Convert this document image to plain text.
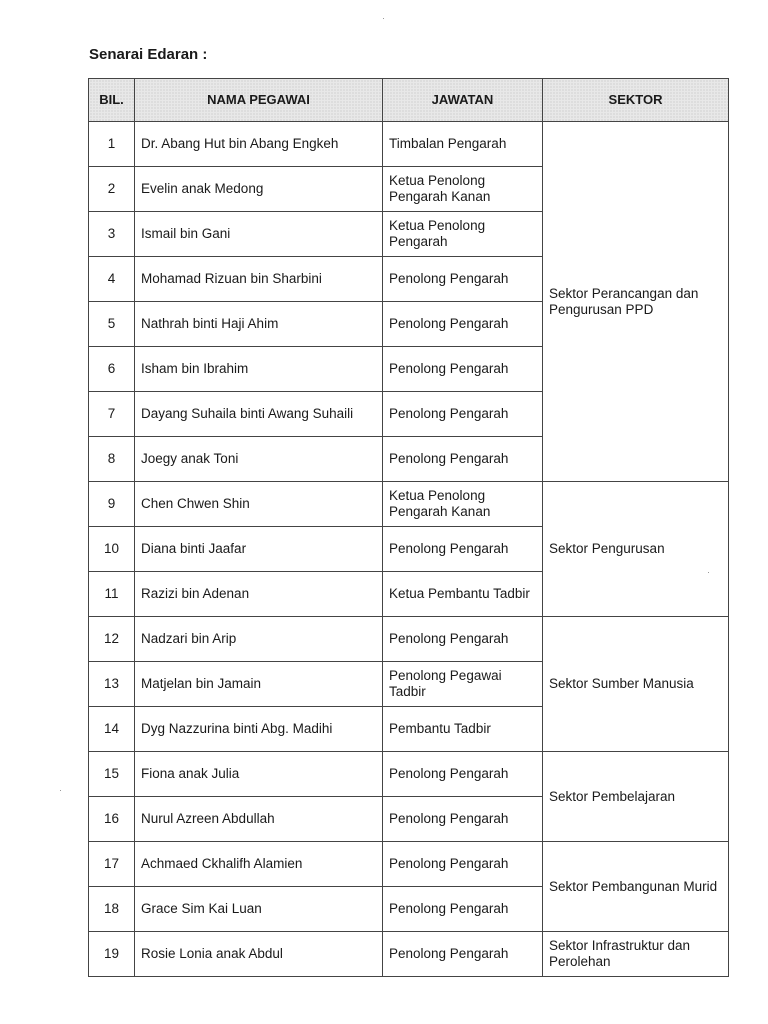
Senarai Edaran :
BIL.	NAMA PEGAWAI	JAWATAN	SEKTOR
1	Dr. Abang Hut bin Abang Engkeh	Timbalan Pengarah	Sektor Perancangan dan Pengurusan PPD
2	Evelin anak Medong	Ketua Penolong Pengarah Kanan	
3	Ismail bin Gani	Ketua Penolong Pengarah	
4	Mohamad Rizuan bin Sharbini	Penolong Pengarah	
5	Nathrah binti Haji Ahim	Penolong Pengarah	
6	Isham bin Ibrahim	Penolong Pengarah	
7	Dayang Suhaila binti Awang Suhaili	Penolong Pengarah	
8	Joegy anak Toni	Penolong Pengarah	
9	Chen Chwen Shin	Ketua Penolong Pengarah Kanan	Sektor Pengurusan
10	Diana binti Jaafar	Penolong Pengarah	
11	Razizi bin Adenan	Ketua Pembantu Tadbir	
12	Nadzari bin Arip	Penolong Pengarah	Sektor Sumber Manusia
13	Matjelan bin Jamain	Penolong Pegawai Tadbir	
14	Dyg Nazzurina binti Abg. Madihi	Pembantu Tadbir	
15	Fiona anak Julia	Penolong Pengarah	Sektor Pembelajaran
16	Nurul Azreen Abdullah	Penolong Pengarah	
17	Achmaed Ckhalifh Alamien	Penolong Pengarah	Sektor Pembangunan Murid
18	Grace Sim Kai Luan	Penolong Pengarah	
19	Rosie Lonia anak Abdul	Penolong Pengarah	Sektor Infrastruktur dan Perolehan
